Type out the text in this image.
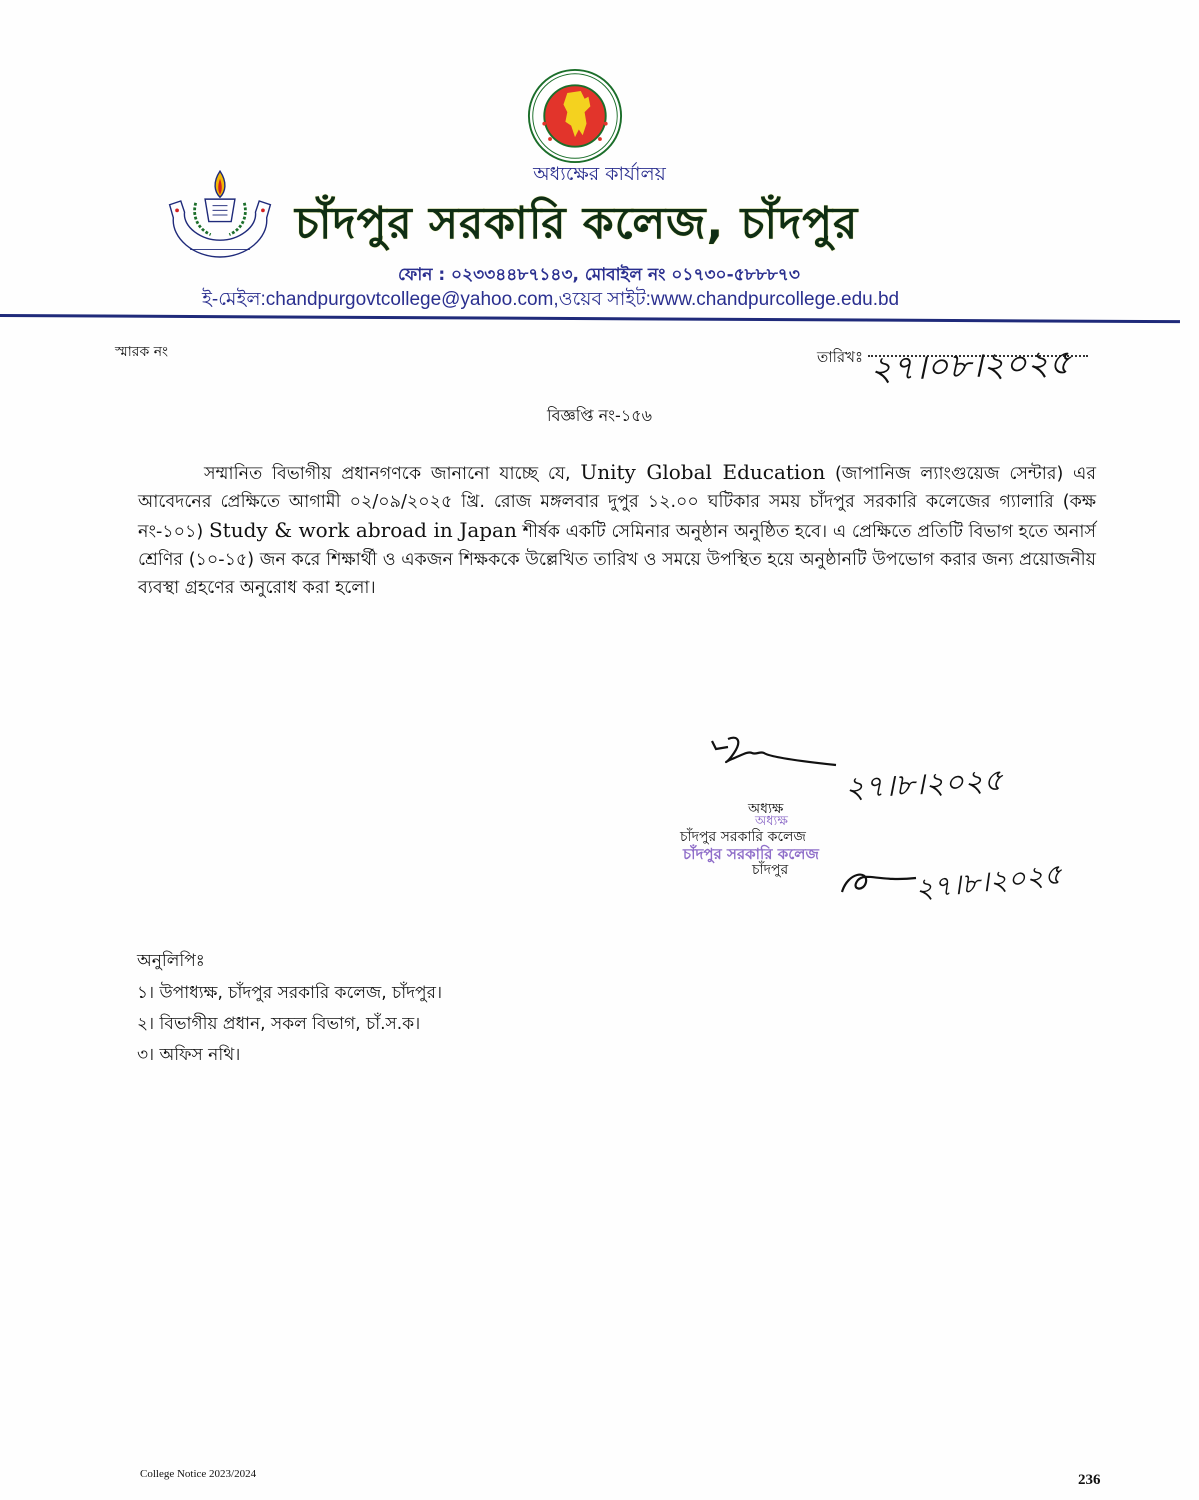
অধ্যক্ষের কার্যালয়
চাঁদপুর সরকারি কলেজ, চাঁদপুর
ফোন : ০২৩৩৪৪৮৭১৪৩, মোবাইল নং ০১৭৩০-৫৮৮৮৭৩
ই-মেইল:chandpurgovtcollege@yahoo.com,ওয়েব সাইট:www.chandpurcollege.edu.bd
স্মারক নং	তারিখঃ ২৭।০৮।২০২৫
বিজ্ঞপ্তি নং-১৫৬
সম্মানিত বিভাগীয় প্রধানগণকে জানানো যাচ্ছে যে, Unity Global Education (জাপানিজ ল্যাংগুয়েজ সেন্টার) এর আবেদনের প্রেক্ষিতে আগামী ০২/০৯/২০২৫ খ্রি. রোজ মঙ্গলবার দুপুর ১২.০০ ঘটিকার সময় চাঁদপুর সরকারি কলেজের গ্যালারি (কক্ষ নং-১০১) Study & work abroad in Japan শীর্ষক একটি সেমিনার অনুষ্ঠান অনুষ্ঠিত হবে। এ প্রেক্ষিতে প্রতিটি বিভাগ হতে অনার্স শ্রেণির (১০-১৫) জন করে শিক্ষার্থী ও একজন শিক্ষককে উল্লেখিত তারিখ ও সময়ে উপস্থিত হয়ে অনুষ্ঠানটি উপভোগ করার জন্য প্রয়োজনীয় ব্যবস্থা গ্রহণের অনুরোধ করা হলো।
২৭।৮।২০২৫
অধ্যক্ষ
অধ্যক্ষ
চাঁদপুর সরকারি কলেজ
চাঁদপুর সরকারি কলেজ
চাঁদপুর	২৭।৮।২০২৫
অনুলিপিঃ
১। উপাধ্যক্ষ, চাঁদপুর সরকারি কলেজ, চাঁদপুর।
২। বিভাগীয় প্রধান, সকল বিভাগ, চাঁ.স.ক।
৩। অফিস নথি।
College Notice 2023/2024	236
